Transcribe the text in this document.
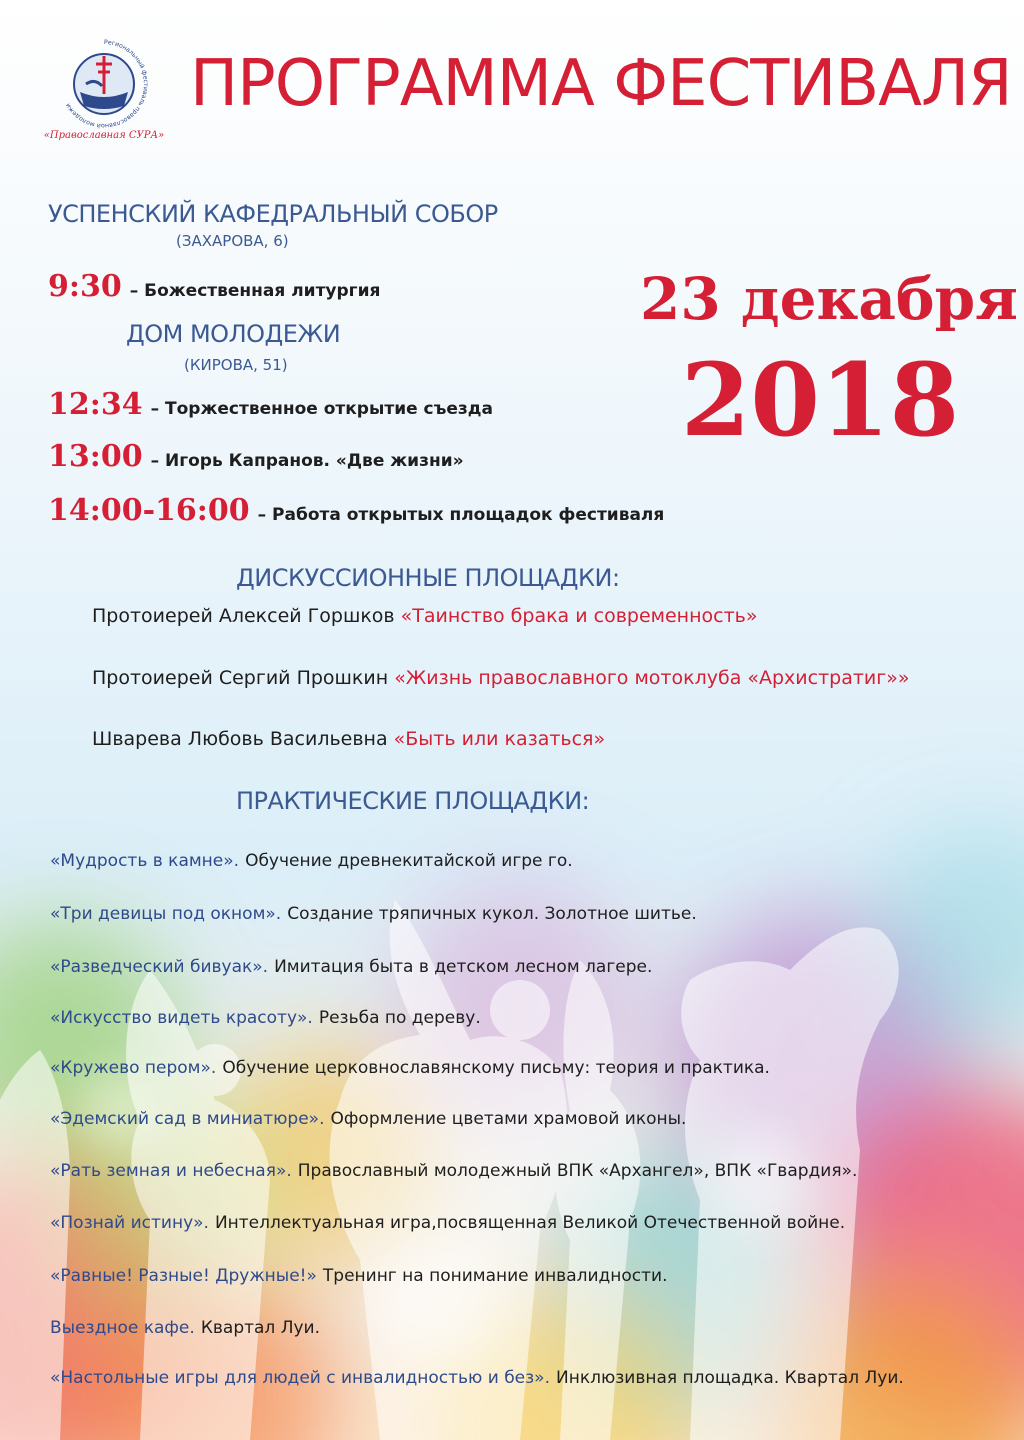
Региональный фестиваль православной молодежи
«Православная СУРА»
ПРОГРАММА ФЕСТИВАЛЯ
УСПЕНСКИЙ КАФЕДРАЛЬНЫЙ СОБОР
(ЗАХАРОВА, 6)
9:30 – Божественная литургия
ДОМ МОЛОДЕЖИ
(КИРОВА, 51)
12:34 – Торжественное открытие съезда
13:00 – Игорь Капранов. «Две жизни»
14:00-16:00 – Работа открытых площадок фестиваля
23 декабря
2018
ДИСКУССИОННЫЕ ПЛОЩАДКИ:
Протоиерей Алексей Горшков «Таинство брака и современность»
Протоиерей Сергий Прошкин «Жизнь православного мотоклуба «Архистратиг»»
Шварева Любовь Васильевна «Быть или казаться»
ПРАКТИЧЕСКИЕ ПЛОЩАДКИ:
«Мудрость в камне». Обучение древнекитайской игре го.
«Три девицы под окном». Создание тряпичных кукол. Золотное шитье.
«Разведческий бивуак». Имитация быта в детском лесном лагере.
«Искусство видеть красоту». Резьба по дереву.
«Кружево пером». Обучение церковнославянскому письму: теория и практика.
«Эдемский сад в миниатюре». Оформление цветами храмовой иконы.
«Рать земная и небесная». Православный молодежный ВПК «Архангел», ВПК «Гвардия».
«Познай истину». Интеллектуальная игра,посвященная Великой Отечественной войне.
«Равные! Разные! Дружные!» Тренинг на понимание инвалидности.
Выездное кафе. Квартал Луи.
«Настольные игры для людей с инвалидностью и без». Инклюзивная площадка. Квартал Луи.
